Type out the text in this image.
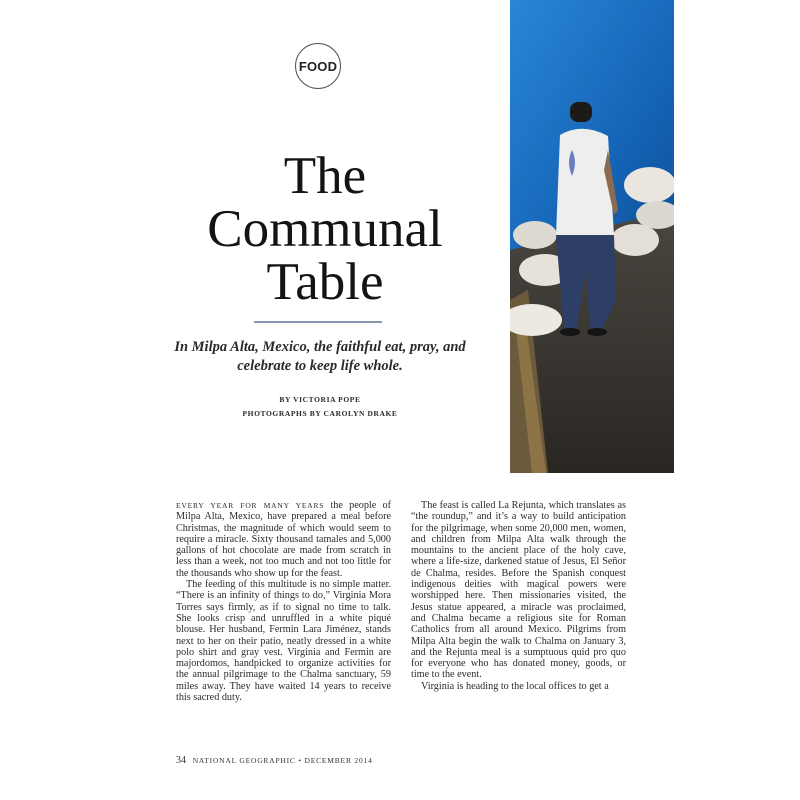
FOOD
The
Communal
Table
In Milpa Alta, Mexico, the faithful eat, pray, and celebrate to keep life whole.
BY VICTORIA POPE
PHOTOGRAPHS BY CAROLYN DRAKE

EVERY YEAR FOR MANY YEARS the people of Milpa Alta, Mexico, have prepared a meal before Christmas, the magnitude of which would seem to require a miracle. Sixty thousand tamales and 5,000 gallons of hot chocolate are made from scratch in less than a week, not too much and not too little for the thousands who show up for the feast.

The feeding of this multitude is no simple matter. “There is an infinity of things to do,” Virginia Mora Torres says firmly, as if to signal no time to talk. She looks crisp and unruffled in a white piqué blouse. Her husband, Fermin Lara Jiménez, stands next to her on their patio, neatly dressed in a white polo shirt and gray vest. Virginia and Fermin are majordomos, handpicked to organize activities for the annual pilgrimage to the Chalma sanctuary, 59 miles away. They have waited 14 years to receive this sacred duty.

The feast is called La Rejunta, which translates as “the roundup,” and it’s a way to build anticipation for the pilgrimage, when some 20,000 men, women, and children from Milpa Alta walk through the mountains to the ancient place of the holy cave, where a life-size, darkened statue of Jesus, El Señor de Chalma, resides. Before the Spanish conquest indigenous deities with magical powers were worshipped here. Then missionaries visited, the Jesus statue appeared, a miracle was proclaimed, and Chalma became a religious site for Roman Catholics from all around Mexico. Pilgrims from Milpa Alta begin the walk to Chalma on January 3, and the Rejunta meal is a sumptuous quid pro quo for everyone who has donated money, goods, or time to the event.

Virginia is heading to the local offices to get a

34 NATIONAL GEOGRAPHIC • DECEMBER 2014
